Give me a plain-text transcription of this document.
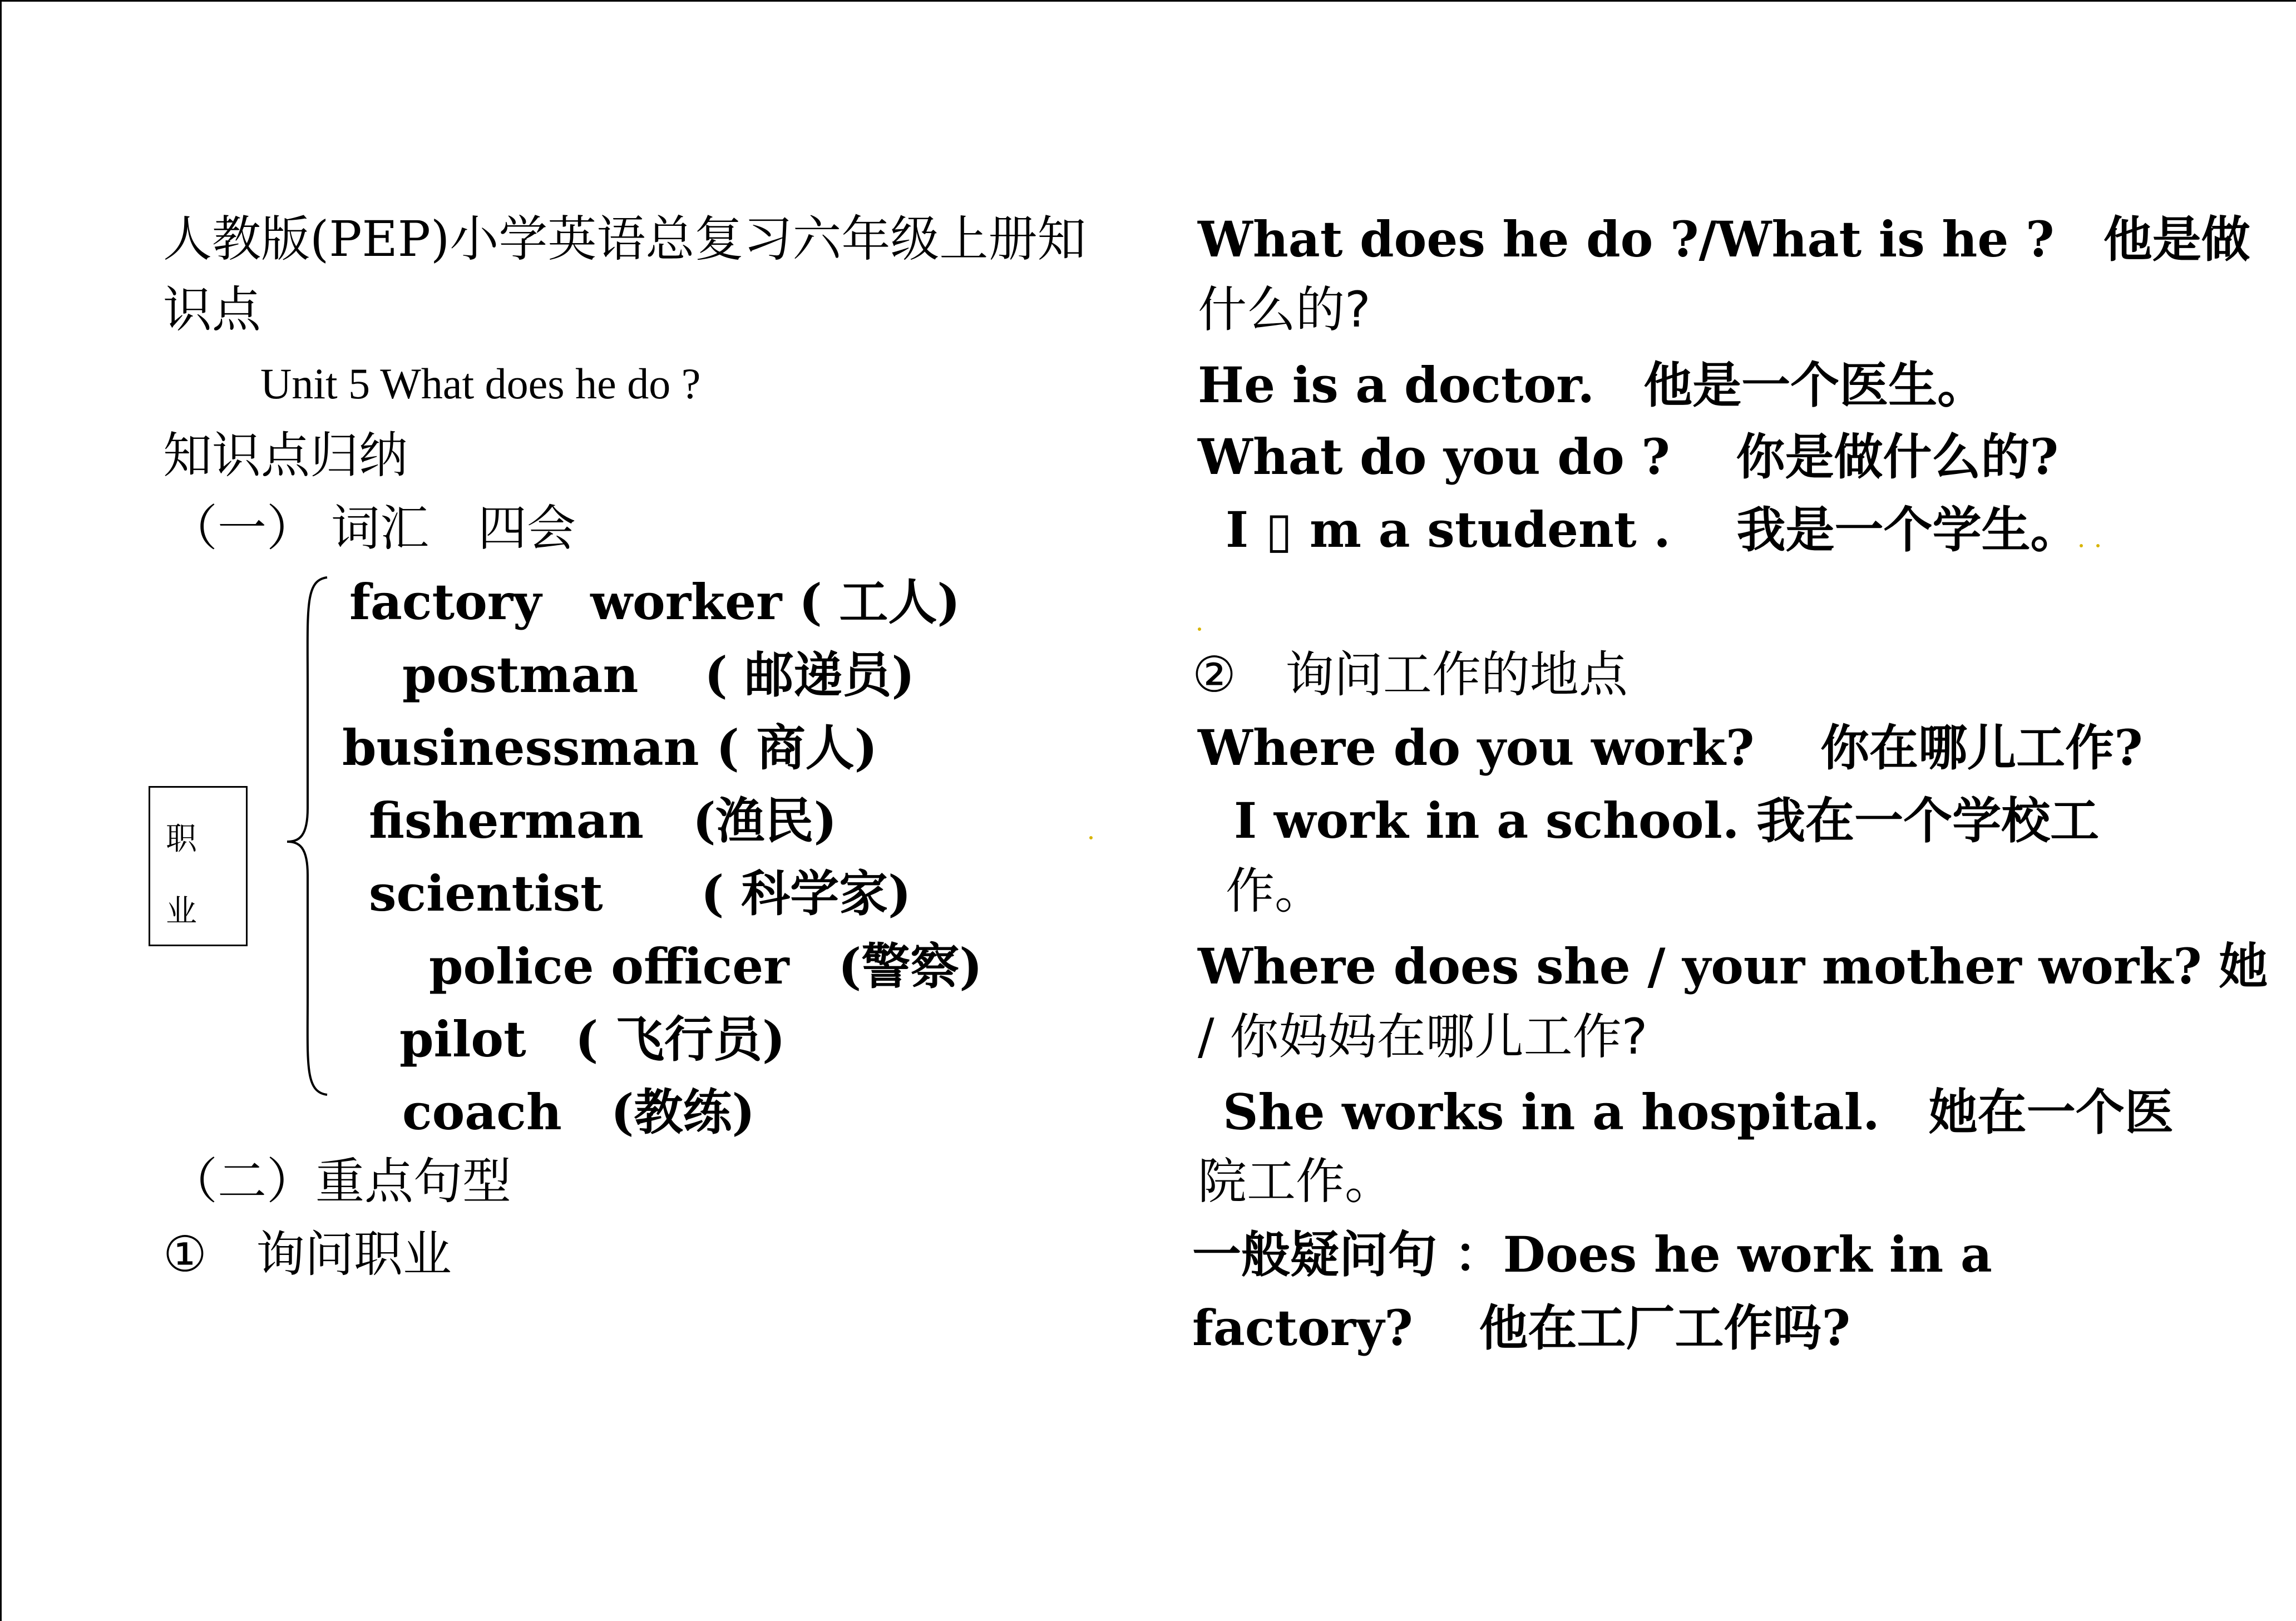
人教版(PEP)小学英语总复习六年级上册知
识点
Unit 5 What does he do ?
知识点归纳
（一） 词汇　四会
职
业
factory　worker ( 工人)
postman　 ( 邮递员)
businessman ( 商人)
fisherman　(渔民)
scientist　　( 科学家)
police officer　(警察)
pilot　( 飞行员)
coach　(教练)
（二）重点句型
①　询问职业
What does he do ?/What is he ?　他是做
什么的?
He is a doctor.　他是一个医生。
What do you do ?　 你是做什么的?
I ▯ m a student .　 我是一个学生。
②　询问工作的地点
Where do you work?　 你在哪儿工作?
I work in a school. 我在一个学校工
作。
Where does she / your mother work? 她
/ 你妈妈在哪儿工作?
She works in a hospital.　她在一个医
院工作。
一般疑问句 ：Does he work in a
factory?　 他在工厂工作吗?
